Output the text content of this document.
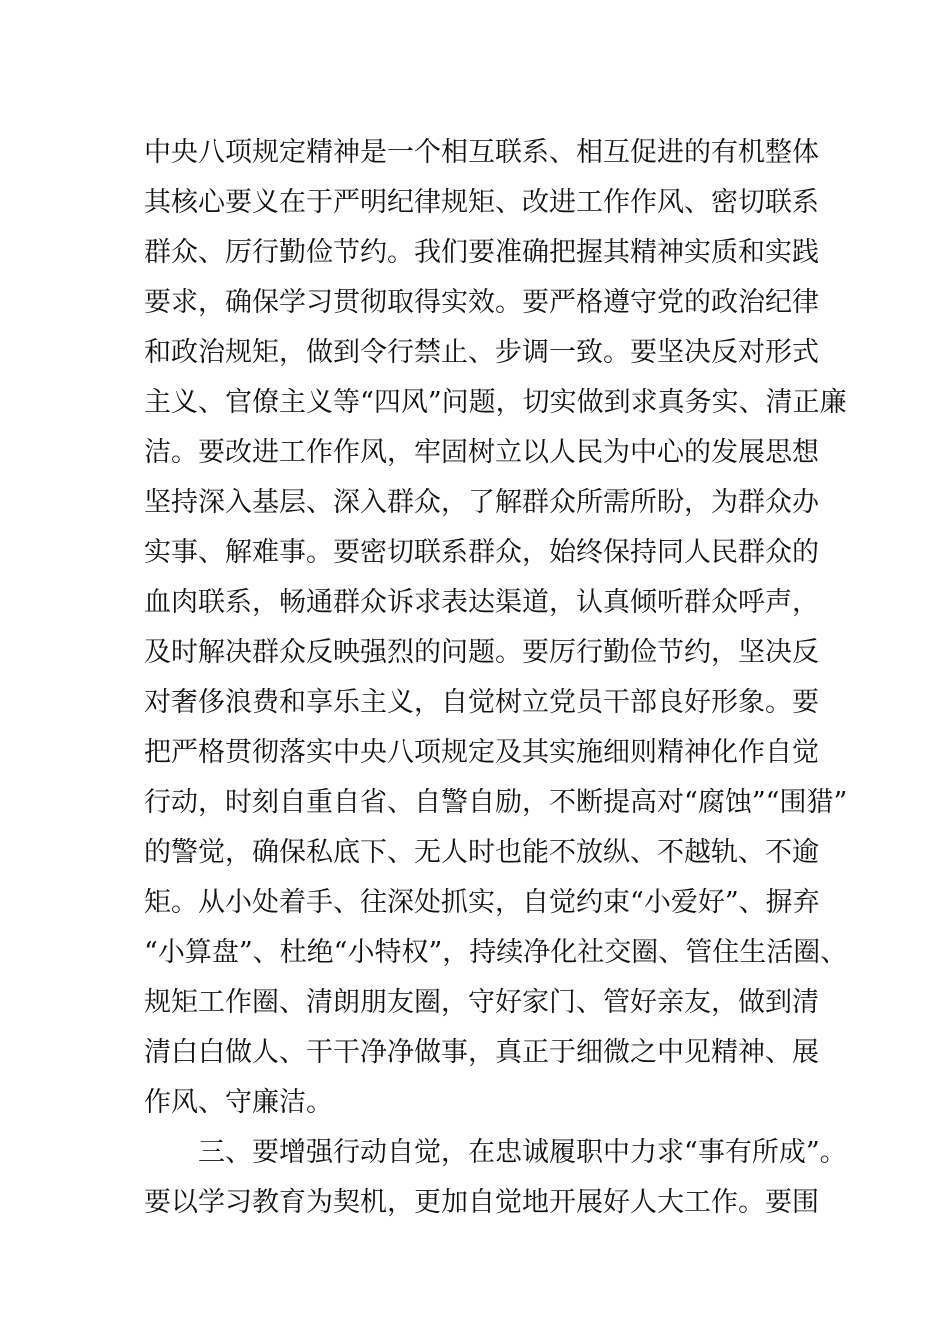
中 央 八 项 规 定 精 神 是 一 个 相 互 联 系 、 相 互 促 进 的 有 机 整 体
其 核 心 要 义 在 于 严 明 纪 律 规 矩 、 改 进 工 作 作 风 、 密 切 联 系
群 众 、 厉 行 勤 俭 节 约 。 我 们 要 准 确 把 握 其 精 神 实 质 和 实 践
要 求 ， 确 保 学 习 贯 彻 取 得 实 效 。 要 严 格 遵 守 党 的 政 治 纪 律
和 政 治 规 矩 ， 做 到 令 行 禁 止 、 步 调 一 致 。 要 坚 决 反 对 形 式
主 义 、 官 僚 主 义 等 “ 四 风 ” 问 题 ， 切 实 做 到 求 真 务 实 、 清 正 廉
洁 。 要 改 进 工 作 作 风 ， 牢 固 树 立 以 人 民 为 中 心 的 发 展 思 想
坚 持 深 入 基 层 、 深 入 群 众 ， 了 解 群 众 所 需 所 盼 ， 为 群 众 办
实 事 、 解 难 事 。 要 密 切 联 系 群 众 ， 始 终 保 持 同 人 民 群 众 的
血 肉 联 系 ， 畅 通 群 众 诉 求 表 达 渠 道 ， 认 真 倾 听 群 众 呼 声 ，
及 时 解 决 群 众 反 映 强 烈 的 问 题 。 要 厉 行 勤 俭 节 约 ， 坚 决 反
对 奢 侈 浪 费 和 享 乐 主 义 ， 自 觉 树 立 党 员 干 部 良 好 形 象 。 要
把 严 格 贯 彻 落 实 中 央 八 项 规 定 及 其 实 施 细 则 精 神 化 作 自 觉
行 动 ， 时 刻 自 重 自 省 、 自 警 自 励 ， 不 断 提 高 对 “ 腐 蚀 ” “ 围 猎 ”
的 警 觉 ， 确 保 私 底 下 、 无 人 时 也 能 不 放 纵 、 不 越 轨 、 不 逾
矩 。 从 小 处 着 手 、 往 深 处 抓 实 ， 自 觉 约 束 “ 小 爱 好 ” 、 摒 弃
“ 小 算 盘 ” 、 杜 绝 “ 小 特 权 ” ， 持 续 净 化 社 交 圈 、 管 住 生 活 圈 、
规 矩 工 作 圈 、 清 朗 朋 友 圈 ， 守 好 家 门 、 管 好 亲 友 ， 做 到 清
清 白 白 做 人 、 干 干 净 净 做 事 ， 真 正 于 细 微 之 中 见 精 神 、 展
作风、守廉洁。
三 、 要 增 强 行 动 自 觉 ， 在 忠 诚 履 职 中 力 求 “ 事 有 所 成 ” 。
要 以 学 习 教 育 为 契 机 ， 更 加 自 觉 地 开 展 好 人 大 工 作 。 要 围
